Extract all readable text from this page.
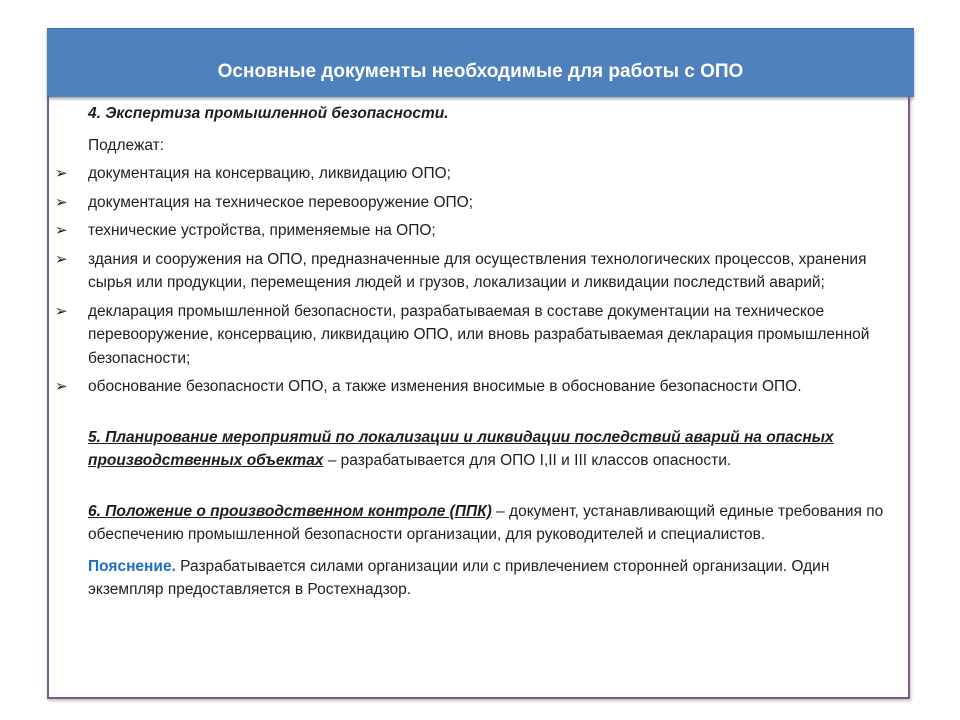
Основные документы необходимые для работы с ОПО

4. Экспертиза промышленной безопасности.

Подлежат:

➢ документация на консервацию, ликвидацию ОПО;
➢ документация на техническое перевооружение ОПО;
➢ технические устройства, применяемые на ОПО;
➢ здания и сооружения на ОПО, предназначенные для осуществления технологических процессов, хранения сырья или продукции, перемещения людей и грузов, локализации и ликвидации последствий аварий;
➢ декларация промышленной безопасности, разрабатываемая в составе документации на техническое перевооружение, консервацию, ликвидацию ОПО, или вновь разрабатываемая декларация промышленной безопасности;
➢ обоснование безопасности ОПО, а также изменения вносимые в обоснование безопасности ОПО.

5. Планирование мероприятий по локализации и ликвидации последствий аварий на опасных производственных объектах – разрабатывается для ОПО I,II и III классов опасности.

6. Положение о производственном контроле (ППК) – документ, устанавливающий единые требования по обеспечению промышленной безопасности организации, для руководителей и специалистов.

Пояснение. Разрабатывается силами организации или с привлечением сторонней организации. Один экземпляр предоставляется в Ростехнадзор.
